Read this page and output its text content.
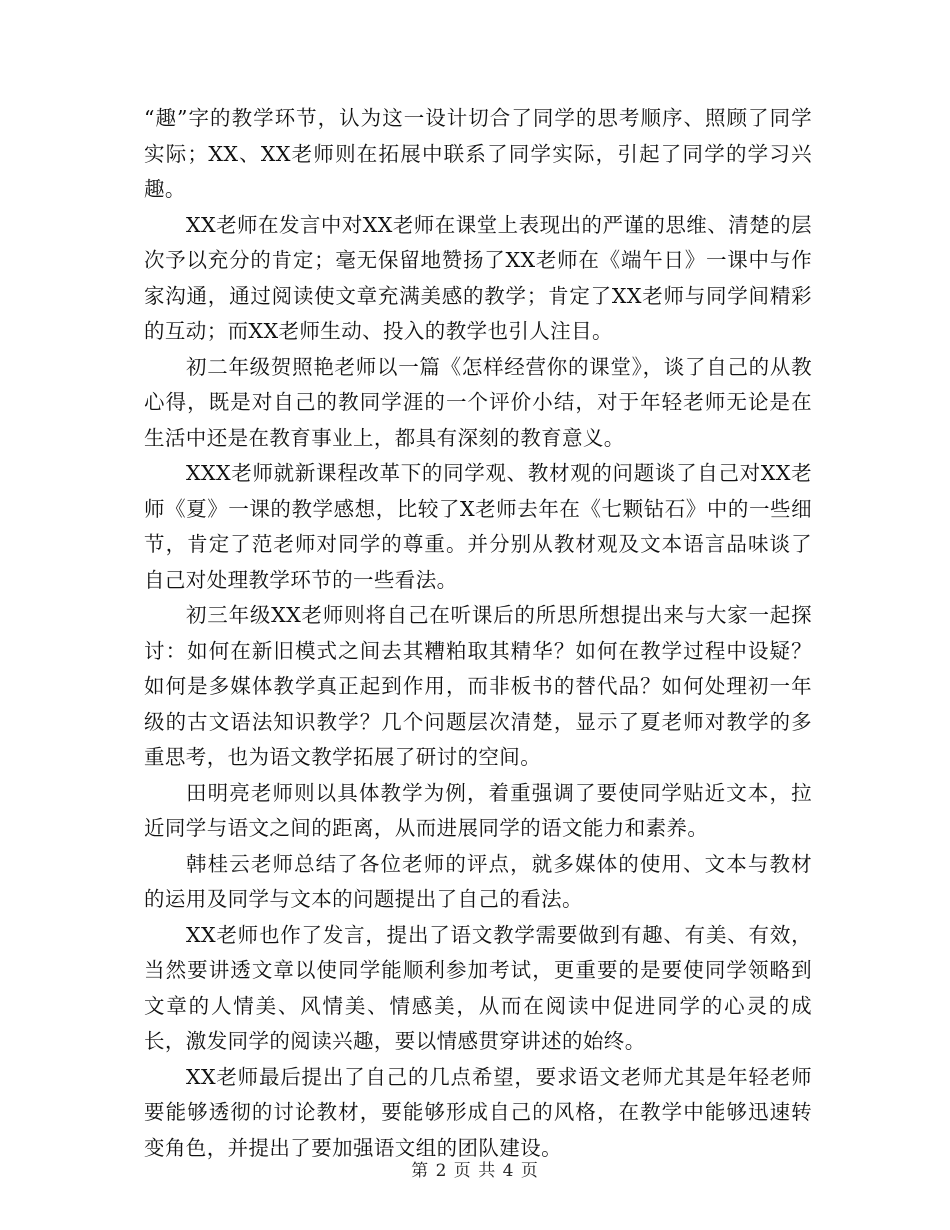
“趣”字的教学环节，认为这一设计切合了同学的思考顺序、照顾了同学实际；XX、XX老师则在拓展中联系了同学实际，引起了同学的学习兴趣。

XX老师在发言中对XX老师在课堂上表现出的严谨的思维、清楚的层次予以充分的肯定；毫无保留地赞扬了XX老师在《端午日》一课中与作家沟通，通过阅读使文章充满美感的教学；肯定了XX老师与同学间精彩的互动；而XX老师生动、投入的教学也引人注目。

初二年级贺照艳老师以一篇《怎样经营你的课堂》，谈了自己的从教心得，既是对自己的教同学涯的一个评价小结，对于年轻老师无论是在生活中还是在教育事业上，都具有深刻的教育意义。

XXX老师就新课程改革下的同学观、教材观的问题谈了自己对XX老师《夏》一课的教学感想，比较了X老师去年在《七颗钻石》中的一些细节，肯定了范老师对同学的尊重。并分别从教材观及文本语言品味谈了自己对处理教学环节的一些看法。

初三年级XX老师则将自己在听课后的所思所想提出来与大家一起探讨：如何在新旧模式之间去其糟粕取其精华？如何在教学过程中设疑？如何是多媒体教学真正起到作用，而非板书的替代品？如何处理初一年级的古文语法知识教学？几个问题层次清楚，显示了夏老师对教学的多重思考，也为语文教学拓展了研讨的空间。

田明亮老师则以具体教学为例，着重强调了要使同学贴近文本，拉近同学与语文之间的距离，从而进展同学的语文能力和素养。

韩桂云老师总结了各位老师的评点，就多媒体的使用、文本与教材的运用及同学与文本的问题提出了自己的看法。

XX老师也作了发言，提出了语文教学需要做到有趣、有美、有效，当然要讲透文章以使同学能顺利参加考试，更重要的是要使同学领略到文章的人情美、风情美、情感美，从而在阅读中促进同学的心灵的成长，激发同学的阅读兴趣，要以情感贯穿讲述的始终。

XX老师最后提出了自己的几点希望，要求语文老师尤其是年轻老师要能够透彻的讨论教材，要能够形成自己的风格，在教学中能够迅速转变角色，并提出了要加强语文组的团队建设。

第 2 页 共 4 页
